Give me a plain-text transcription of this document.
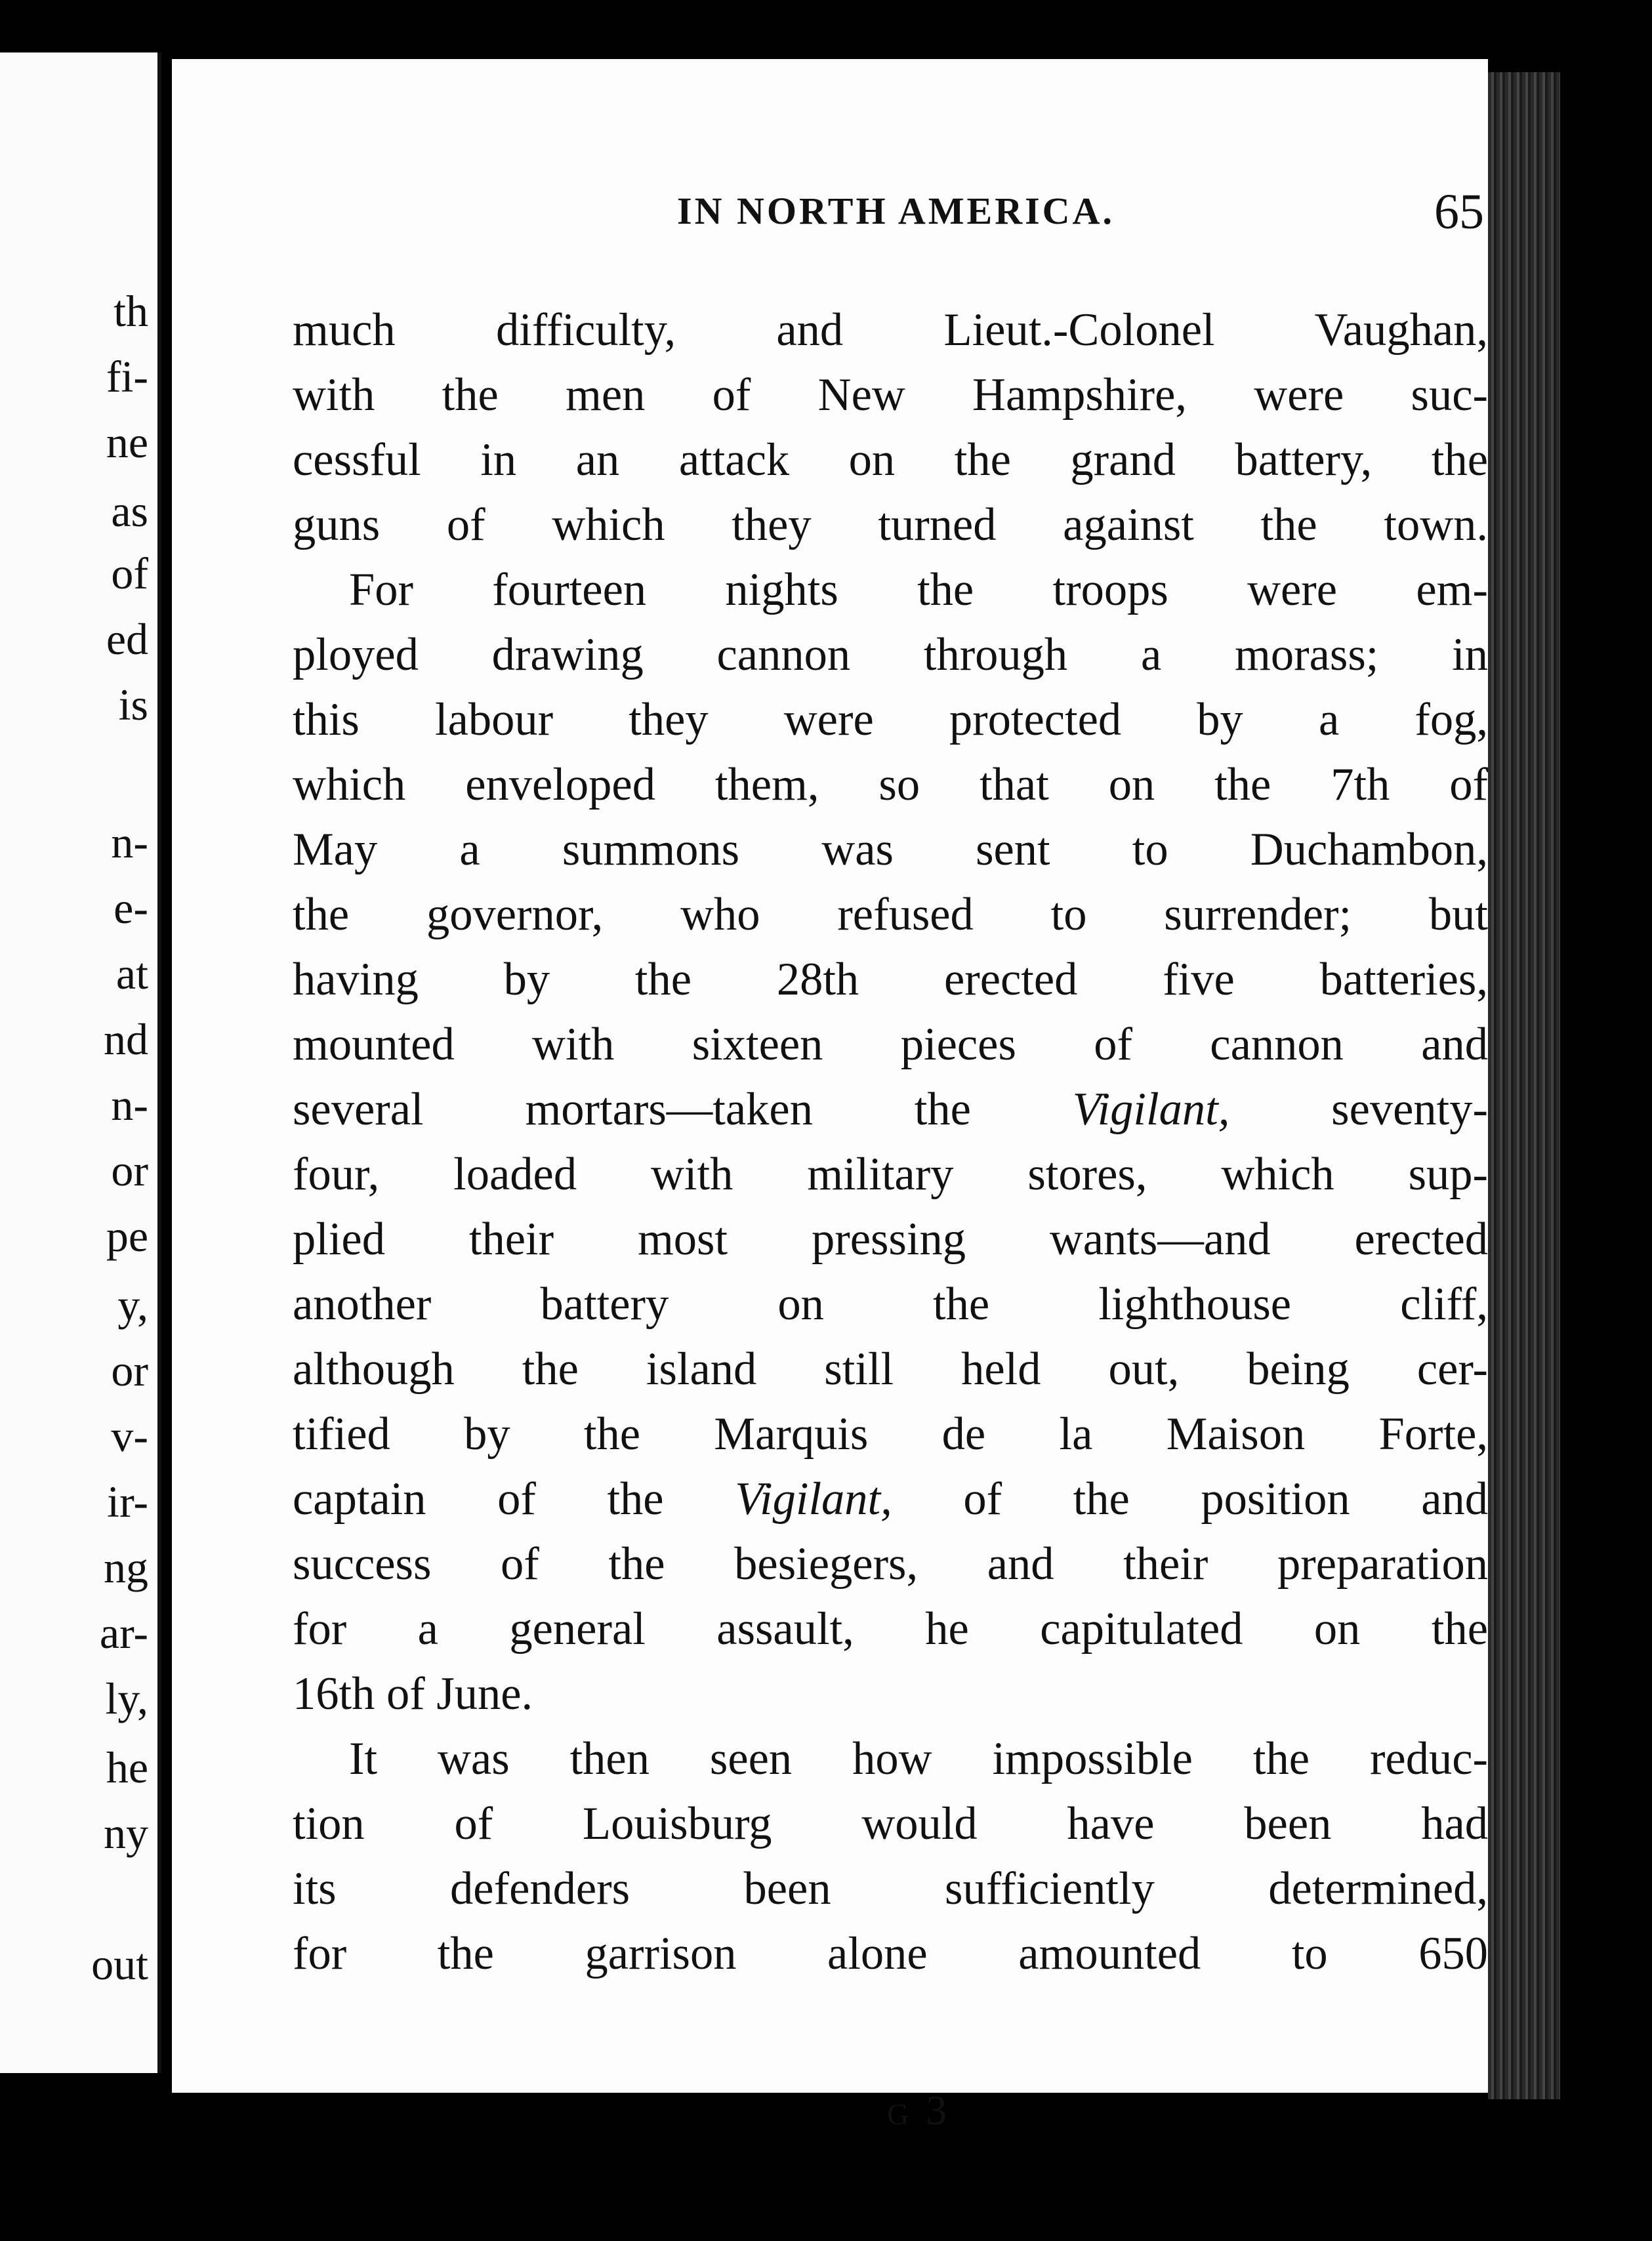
th
fi-
ne
as
of
ed
is
n-
e-
at
nd
n-
or
pe
y,
or
v-
ir-
ng
ar-
ly,
he
ny
out
IN NORTH AMERICA.	65
much difficulty, and Lieut.-Colonel Vaughan,
with the men of New Hampshire, were suc-
cessful in an attack on the grand battery, the
guns of which they turned against the town.
For fourteen nights the troops were em-
ployed drawing cannon through a morass; in
this labour they were protected by a fog,
which enveloped them, so that on the 7th of
May a summons was sent to Duchambon,
the governor, who refused to surrender; but
having by the 28th erected five batteries,
mounted with sixteen pieces of cannon and
several mortars—taken the Vigilant, seventy-
four, loaded with military stores, which sup-
plied their most pressing wants—and erected
another battery on the lighthouse cliff,
although the island still held out, being cer-
tified by the Marquis de la Maison Forte,
captain of the Vigilant, of the position and
success of the besiegers, and their preparation
for a general assault, he capitulated on the
16th of June.
It was then seen how impossible the reduc-
tion of Louisburg would have been had
its defenders been sufficiently determined,
for the garrison alone amounted to 650
G 3
